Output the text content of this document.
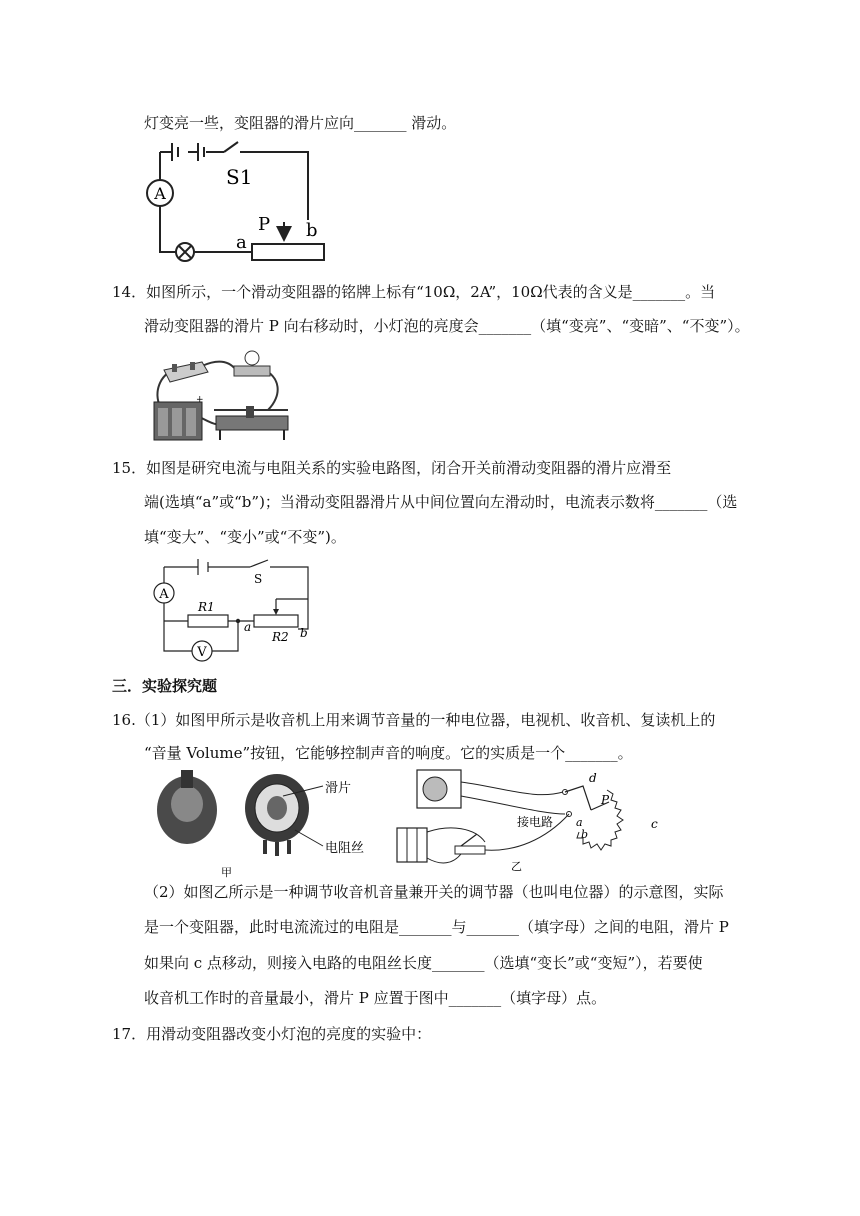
灯变亮一些，变阻器的滑片应向_______ 滑动。
A
S1
P
a
b
14．如图所示，一个滑动变阻器的铭牌上标有“10Ω，2A”，10Ω代表的含义是_______。当
滑动变阻器的滑片 P 向右移动时，小灯泡的亮度会_______（填“变亮”、“变暗”、“不变”）。
+
15．如图是研究电流与电阻关系的实验电路图，闭合开关前滑动变阻器的滑片应滑至
端(选填“a”或“b”)；当滑动变阻器滑片从中间位置向左滑动时，电流表示数将_______（选
填“变大”、“变小”或“不变”)。
A
V
S
R1
R2
a	b
三．实验探究题
16.（1）如图甲所示是收音机上用来调节音量的一种电位器，电视机、收音机、复读机上的
“音量 Volume”按钮，它能够控制声音的响度。它的实质是一个_______。
滑片
电阻丝
甲
d
P
a
b
c
接电路
乙
（2）如图乙所示是一种调节收音机音量兼开关的调节器（也叫电位器）的示意图，实际
是一个变阻器，此时电流流过的电阻是_______与_______（填字母）之间的电阻，滑片 P
如果向 c 点移动，则接入电路的电阻丝长度_______（选填“变长”或“变短”），若要使
收音机工作时的音量最小，滑片 P 应置于图中_______（填字母）点。
17．用滑动变阻器改变小灯泡的亮度的实验中：
